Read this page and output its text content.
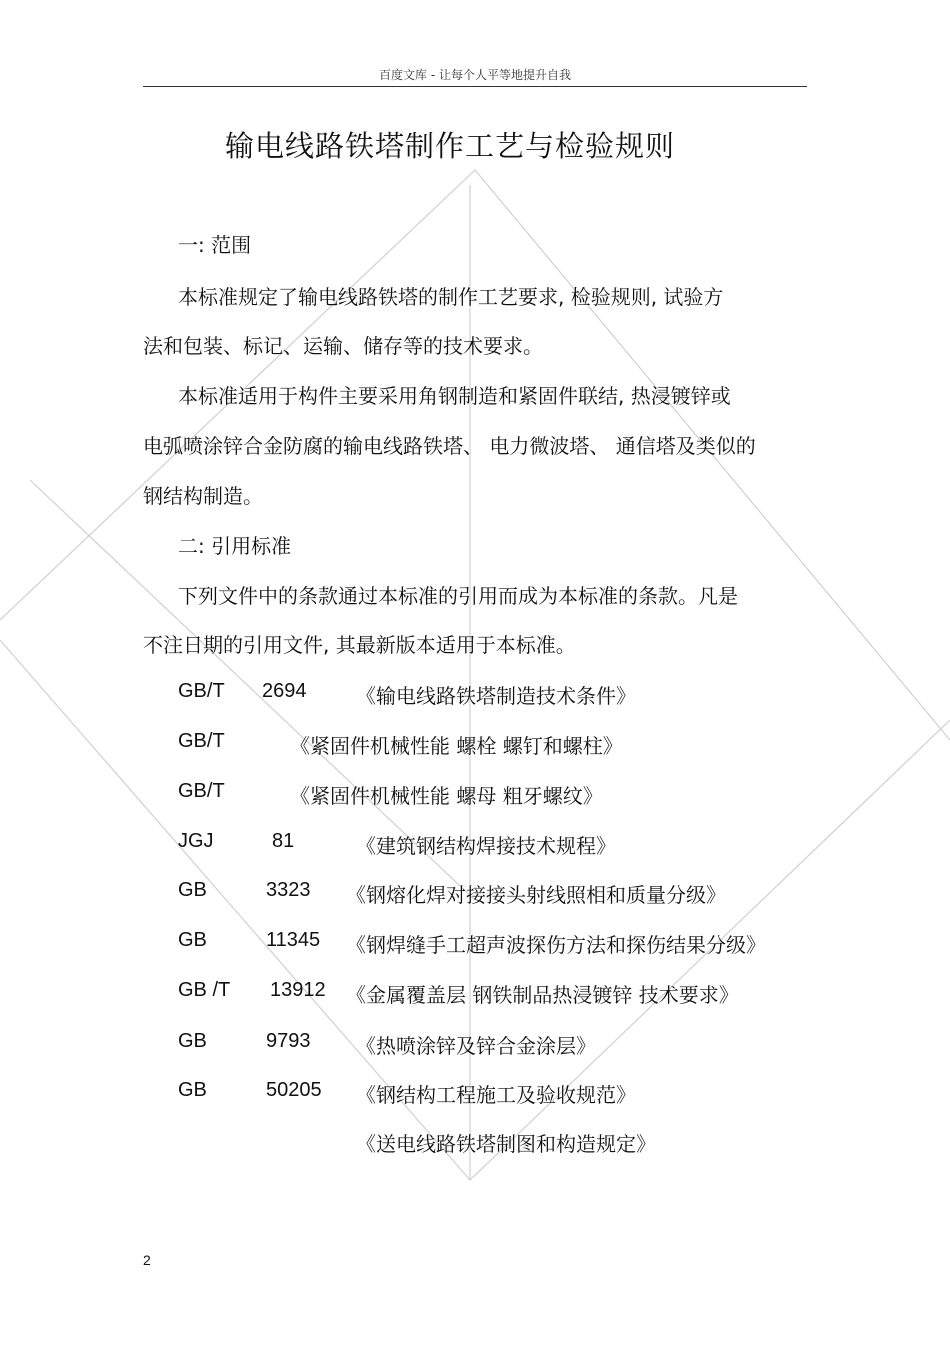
百度文库 - 让每个人平等地提升自我
输电线路铁塔制作工艺与检验规则
一: 范围
本标准规定了输电线路铁塔的制作工艺要求, 检验规则, 试验方
法和包装、标记、运输、储存等的技术要求。
本标准适用于构件主要采用角钢制造和紧固件联结, 热浸镀锌或
电弧喷涂锌合金防腐的输电线路铁塔、 电力微波塔、 通信塔及类似的
钢结构制造。
二: 引用标准
下列文件中的条款通过本标准的引用而成为本标准的条款。凡是
不注日期的引用文件, 其最新版本适用于本标准。
GB/T 2694 《输电线路铁塔制造技术条件》
GB/T	《紧固件机械性能 螺栓 螺钉和螺柱》
GB/T	《紧固件机械性能 螺母 粗牙螺纹》
JGJ	81	《建筑钢结构焊接技术规程》
GB	3323 《钢熔化焊对接接头射线照相和质量分级》
GB	11345 《钢焊缝手工超声波探伤方法和探伤结果分级》
GB /T 13912 《金属覆盖层 钢铁制品热浸镀锌 技术要求》
GB	9793 《热喷涂锌及锌合金涂层》
GB	50205 《钢结构工程施工及验收规范》
《送电线路铁塔制图和构造规定》
2
